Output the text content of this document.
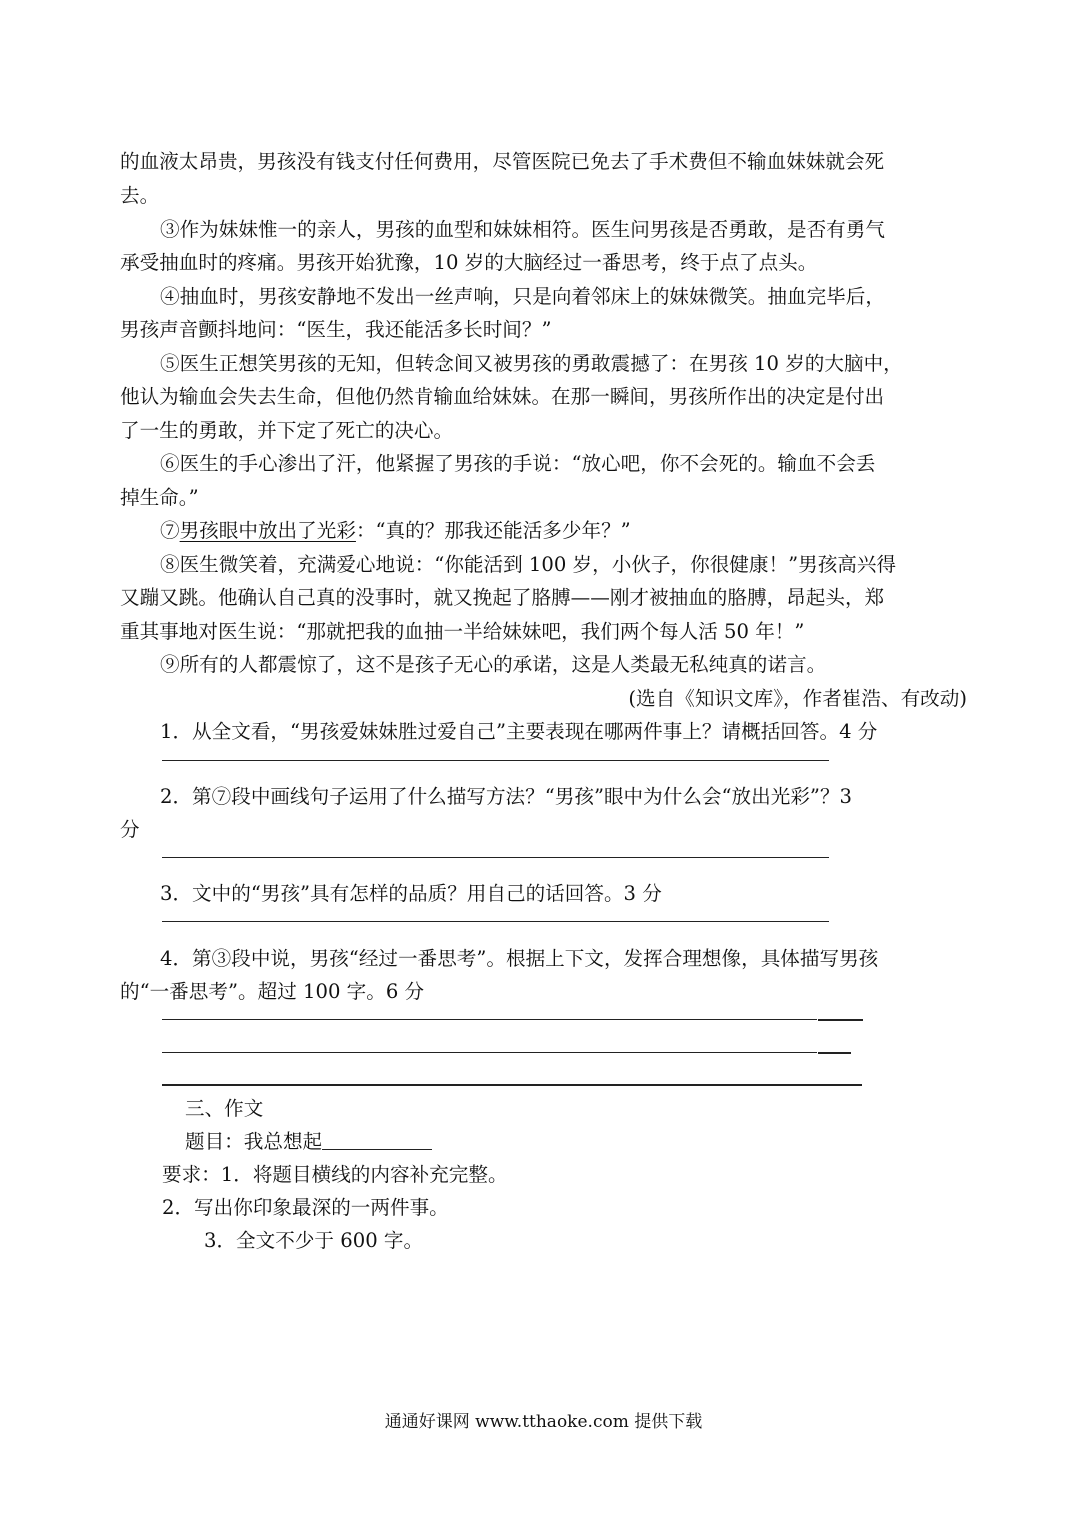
的血液太昂贵，男孩没有钱支付任何费用，尽管医院已免去了手术费但不输血妹妹就会死
去。
③作为妹妹惟一的亲人，男孩的血型和妹妹相符。医生问男孩是否勇敢，是否有勇气
承受抽血时的疼痛。男孩开始犹豫，10 岁的大脑经过一番思考，终于点了点头。
④抽血时，男孩安静地不发出一丝声响，只是向着邻床上的妹妹微笑。抽血完毕后，
男孩声音颤抖地问：“医生，我还能活多长时间？”
⑤医生正想笑男孩的无知，但转念间又被男孩的勇敢震撼了：在男孩 10 岁的大脑中，
他认为输血会失去生命，但他仍然肯输血给妹妹。在那一瞬间，男孩所作出的决定是付出
了一生的勇敢，并下定了死亡的决心。
⑥医生的手心渗出了汗，他紧握了男孩的手说：“放心吧，你不会死的。输血不会丢
掉生命。”
⑦男孩眼中放出了光彩：“真的？那我还能活多少年？”
⑧医生微笑着，充满爱心地说：“你能活到 100 岁，小伙子，你很健康！”男孩高兴得
又蹦又跳。他确认自己真的没事时，就又挽起了胳膊——刚才被抽血的胳膊，昂起头，郑
重其事地对医生说：“那就把我的血抽一半给妹妹吧，我们两个每人活 50 年！”
⑨所有的人都震惊了，这不是孩子无心的承诺，这是人类最无私纯真的诺言。
(选自《知识文库》，作者崔浩、有改动)
1．从全文看，“男孩爱妹妹胜过爱自己”主要表现在哪两件事上？请概括回答。4 分
2．第⑦段中画线句子运用了什么描写方法？“男孩”眼中为什么会“放出光彩”？3
分
3．文中的“男孩”具有怎样的品质？用自己的话回答。3 分
4．第③段中说，男孩“经过一番思考”。根据上下文，发挥合理想像，具体描写男孩
的“一番思考”。超过 100 字。6 分
三、作文
题目：我总想起
要求：1．将题目横线的内容补充完整。
2．写出你印象最深的一两件事。
3．全文不少于 600 字。
通通好课网 www.tthaoke.com 提供下载
